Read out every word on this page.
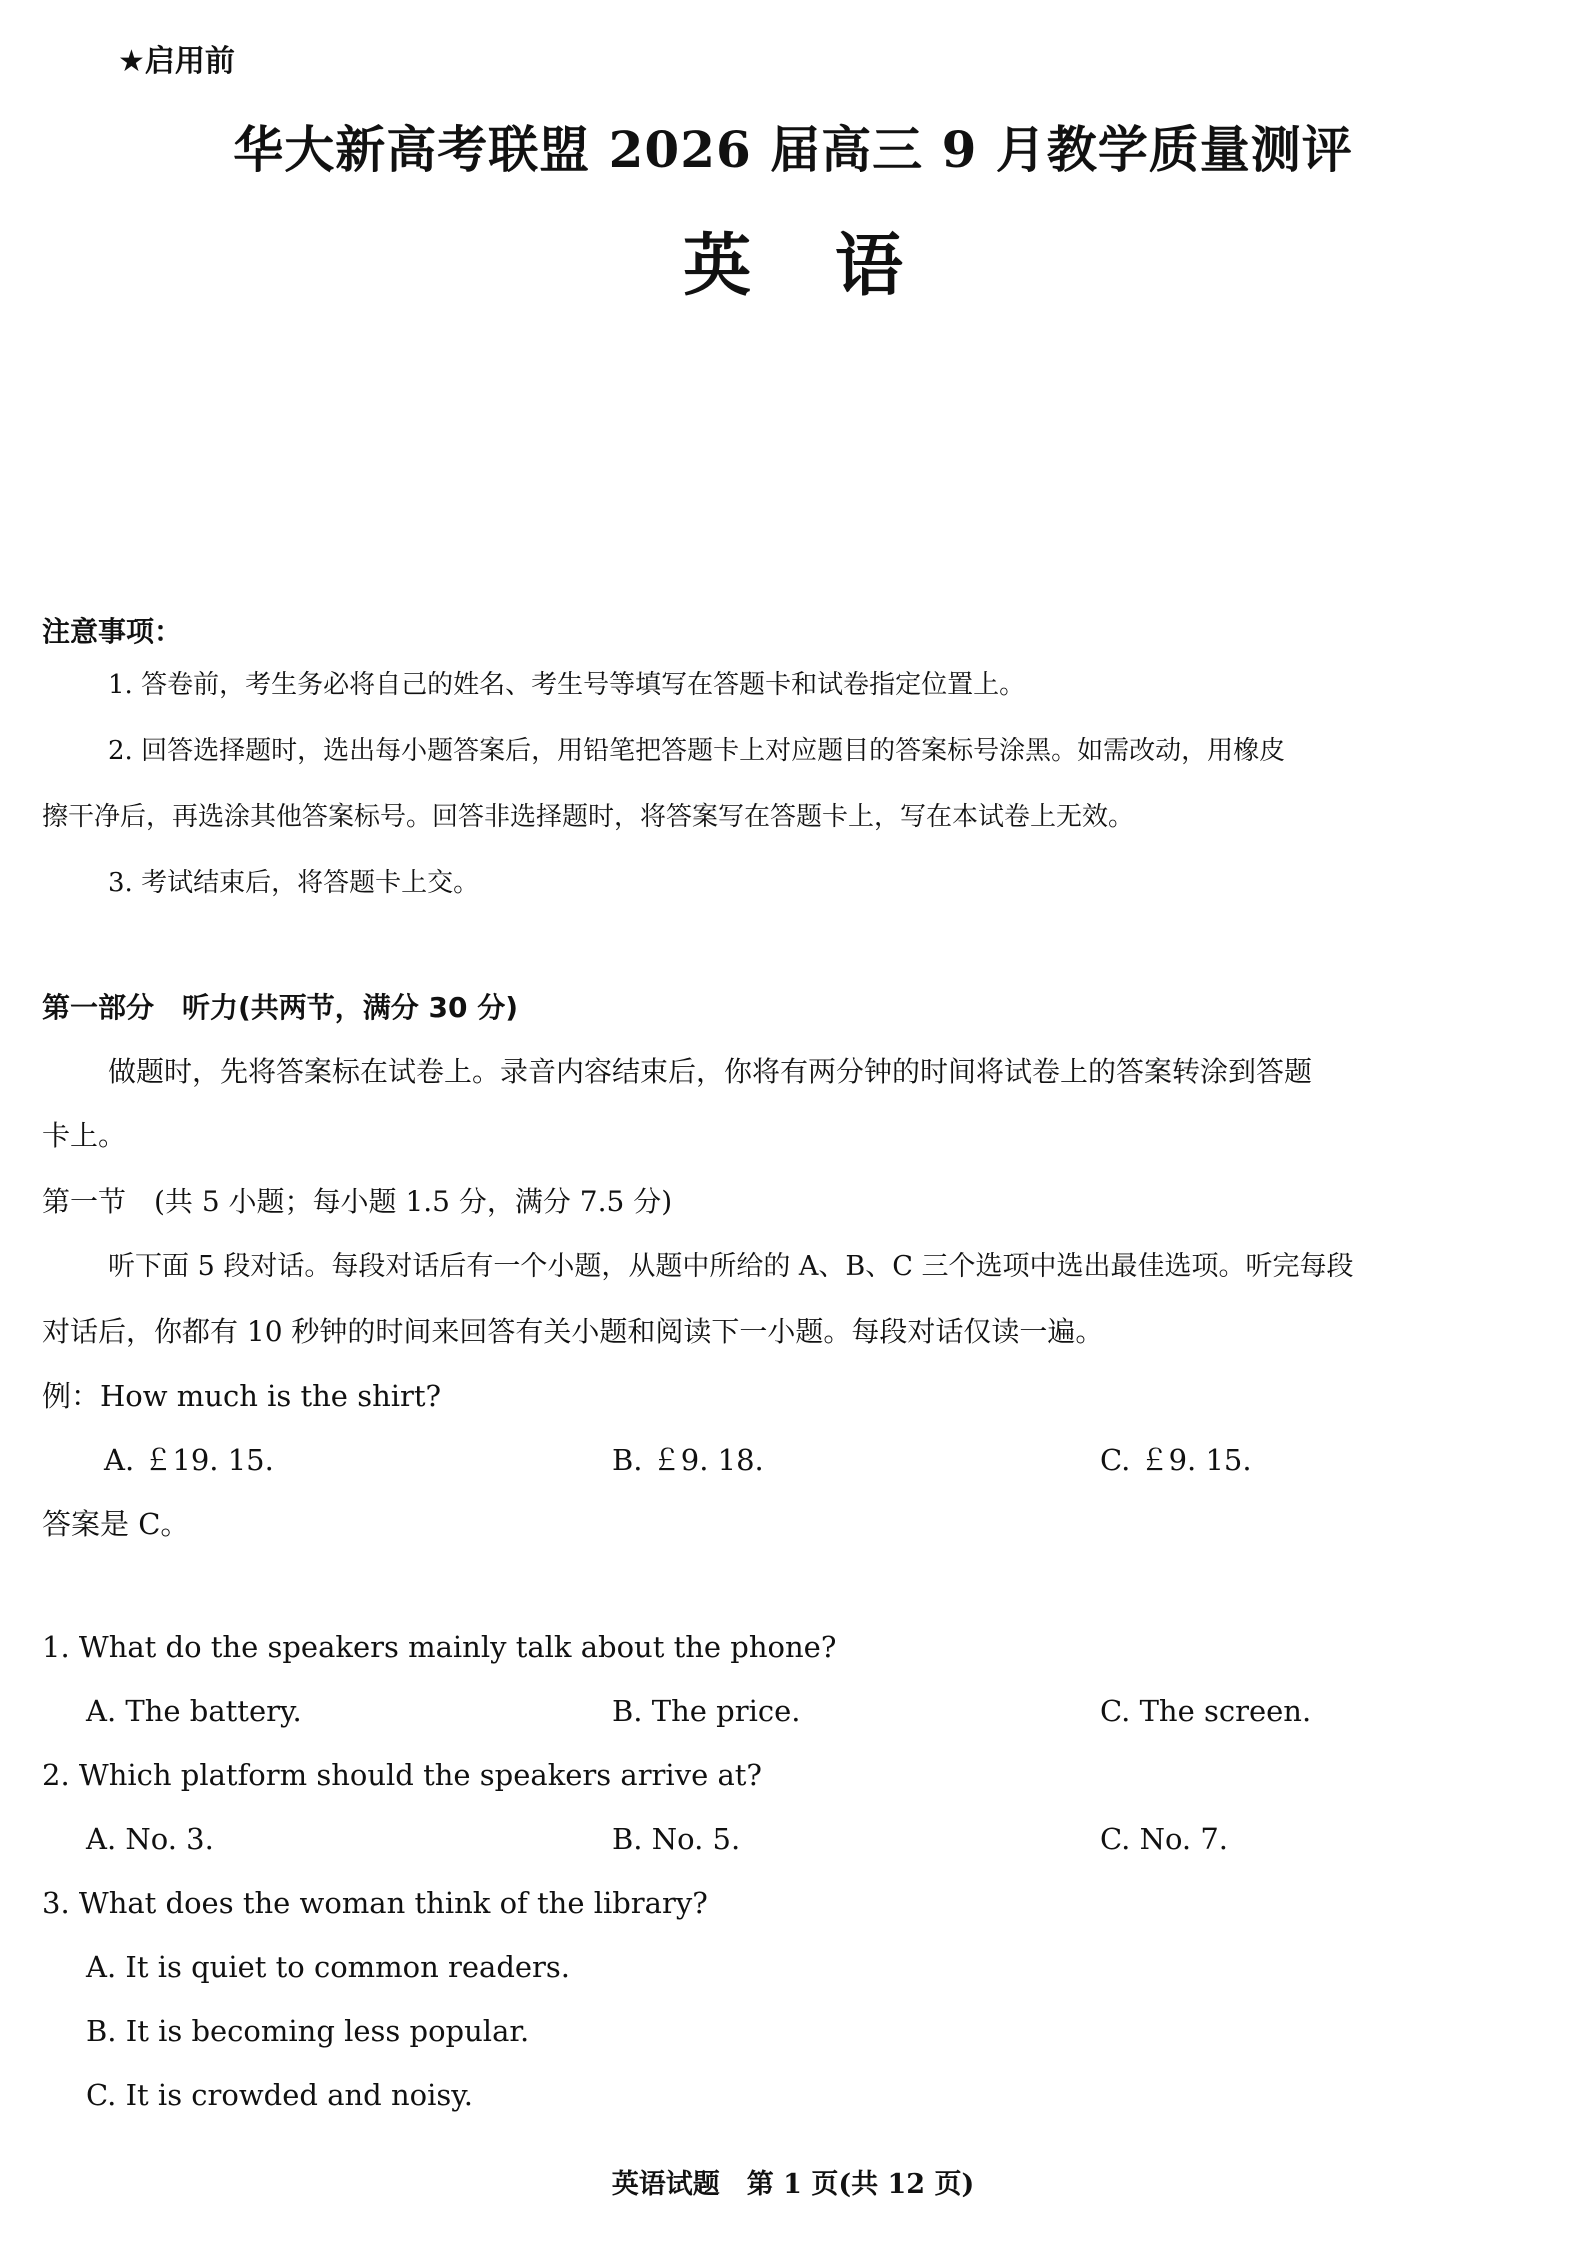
★启用前
华大新高考联盟 2026 届高三 9 月教学质量测评
英 语
注意事项：
1. 答卷前，考生务必将自己的姓名、考生号等填写在答题卡和试卷指定位置上。
2. 回答选择题时，选出每小题答案后，用铅笔把答题卡上对应题目的答案标号涂黑。如需改动，用橡皮
擦干净后，再选涂其他答案标号。回答非选择题时，将答案写在答题卡上，写在本试卷上无效。
3. 考试结束后，将答题卡上交。
第一部分　听力(共两节，满分 30 分)
做题时，先将答案标在试卷上。录音内容结束后，你将有两分钟的时间将试卷上的答案转涂到答题
卡上。
第一节　(共 5 小题；每小题 1.5 分，满分 7.5 分)
听下面 5 段对话。每段对话后有一个小题，从题中所给的 A、B、C 三个选项中选出最佳选项。听完每段
对话后，你都有 10 秒钟的时间来回答有关小题和阅读下一小题。每段对话仅读一遍。
例：How much is the shirt?
A. ￡19. 15.	B. ￡9. 18.	C. ￡9. 15.
答案是 C。
1. What do the speakers mainly talk about the phone?
A. The battery.	B. The price.	C. The screen.
2. Which platform should the speakers arrive at?
A. No. 3.	B. No. 5.	C. No. 7.
3. What does the woman think of the library?
A. It is quiet to common readers.
B. It is becoming less popular.
C. It is crowded and noisy.
英语试题　第 1 页(共 12 页)
